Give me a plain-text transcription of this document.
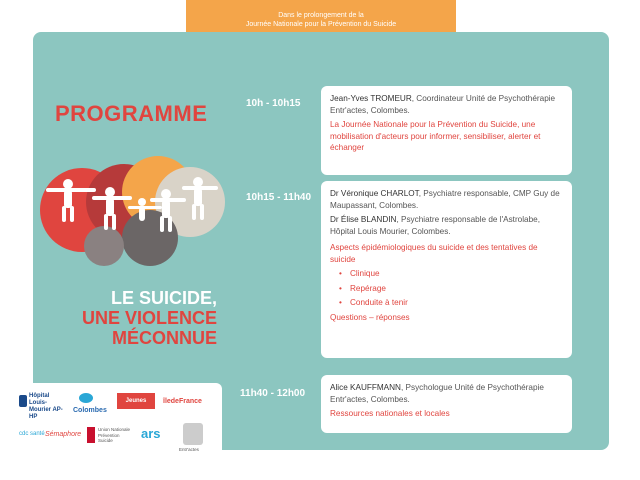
Dans le prolongement de la
Journée Nationale pour la Prévention du Suicide
PROGRAMME
LE SUICIDE,
UNE VIOLENCE
MÉCONNUE
10h - 10h15	Jean-Yves TROMEUR, Coordinateur Unité de Psychothérapie Entr'actes, Colombes.
La Journée Nationale pour la Prévention du Suicide, une mobilisation d'acteurs pour informer, sensibiliser, alerter et échanger
10h15 - 11h40 Dr Véronique CHARLOT, Psychiatre responsable, CMP Guy de Maupassant, Colombes.
Dr Élise BLANDIN, Psychiatre responsable de l'Astrolabe, Hôpital Louis Mourier, Colombes.
Aspects épidémiologiques du suicide et des tentatives de suicide
• Clinique
• Repérage
• Conduite à tenir
Questions – réponses
11h40 - 12h00
Alice KAUFFMANN, Psychologue Unité de Psychothérapie Entr'actes, Colombes.
Ressources nationales et locales
Hôpital Louis-Mourier AP-HP
Colombes
Jeunes	îledeFrance
cdc santé Sémaphore
Union Nationale Prévention Suicide	ars
Entr'actes
